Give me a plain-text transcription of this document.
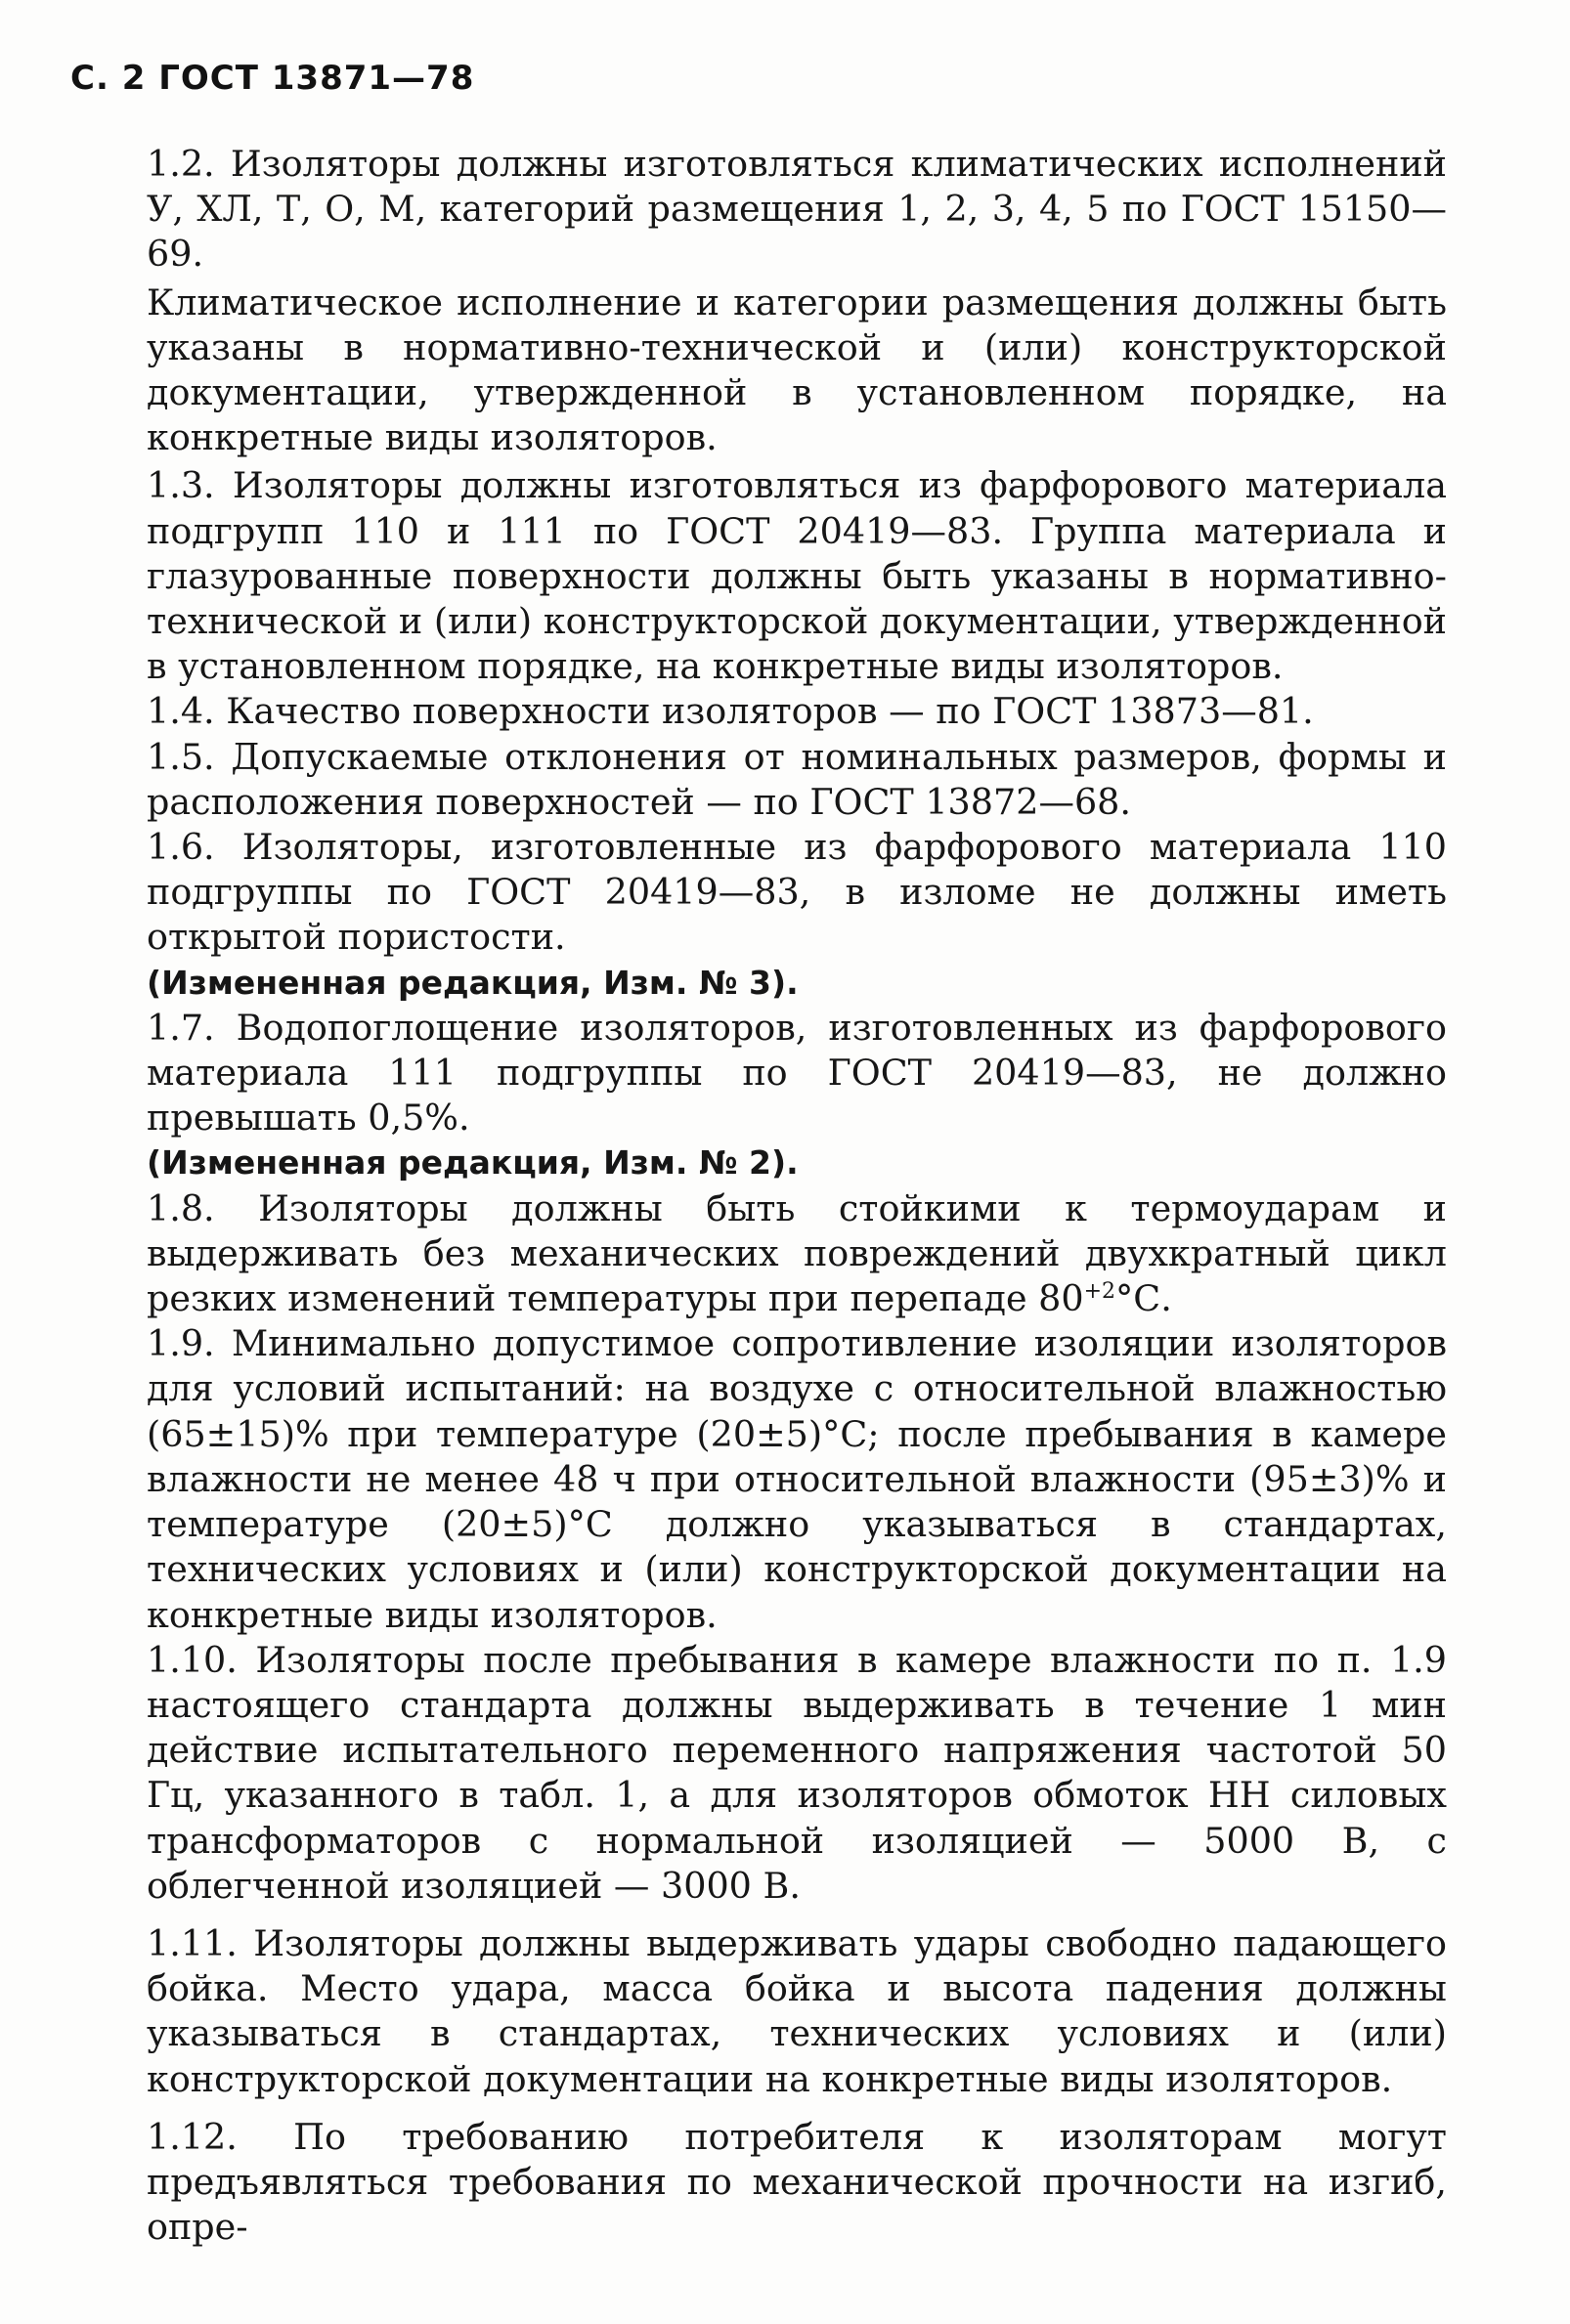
С. 2 ГОСТ 13871—78

1.2. Изоляторы должны изготовляться климатических исполнений У, ХЛ, Т, О, М, категорий размещения 1, 2, 3, 4, 5 по ГОСТ 15150—69.

Климатическое исполнение и категории размещения должны быть указаны в нормативно-технической и (или) конструкторской документации, утвержденной в установленном порядке, на конкретные виды изоляторов.

1.3. Изоляторы должны изготовляться из фарфорового материала подгрупп 110 и 111 по ГОСТ 20419—83. Группа материала и глазурованные поверхности должны быть указаны в нормативно-технической и (или) конструкторской документации, утвержденной в установленном порядке, на конкретные виды изоляторов.

1.4. Качество поверхности изоляторов — по ГОСТ 13873—81.

1.5. Допускаемые отклонения от номинальных размеров, формы и расположения поверхностей — по ГОСТ 13872—68.

1.6. Изоляторы, изготовленные из фарфорового материала 110 подгруппы по ГОСТ 20419—83, в изломе не должны иметь открытой пористости.

(Измененная редакция, Изм. № 3).

1.7. Водопоглощение изоляторов, изготовленных из фарфорового материала 111 подгруппы по ГОСТ 20419—83, не должно превышать 0,5%.

(Измененная редакция, Изм. № 2).

1.8. Изоляторы должны быть стойкими к термоударам и выдерживать без механических повреждений двухкратный цикл резких изменений температуры при перепаде $80^{+2}^\circ С$.

1.9. Минимально допустимое сопротивление изоляции изоляторов для условий испытаний: на воздухе с относительной влажностью (65±15)% при температуре (20±5)°С; после пребывания в камере влажности не менее 48 ч при относительной влажности (95±3)% и температуре (20±5)°С должно указываться в стандартах, технических условиях и (или) конструкторской документации на конкретные виды изоляторов.

1.10. Изоляторы после пребывания в камере влажности по п. 1.9 настоящего стандарта должны выдерживать в течение 1 мин действие испытательного переменного напряжения частотой 50 Гц, указанного в табл. 1, а для изоляторов обмоток НН силовых трансформаторов с нормальной изоляцией — 5000 В, с облегченной изоляцией — 3000 В.

1.11. Изоляторы должны выдерживать удары свободно падающего бойка. Место удара, масса бойка и высота падения должны указываться в стандартах, технических условиях и (или) конструкторской документации на конкретные виды изоляторов.

1.12. По требованию потребителя к изоляторам могут предъявляться требования по механической прочности на изгиб, опре-
